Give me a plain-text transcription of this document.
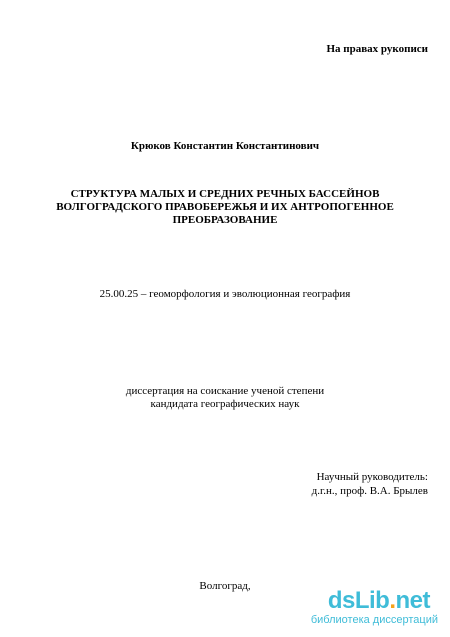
На правах рукописи
Крюков Константин Константинович
СТРУКТУРА МАЛЫХ И СРЕДНИХ РЕЧНЫХ БАССЕЙНОВ
ВОЛГОГРАДСКОГО ПРАВОБЕРЕЖЬЯ И ИХ АНТРОПОГЕННОЕ
ПРЕОБРАЗОВАНИЕ
25.00.25 – геоморфология и эволюционная география
диссертация на соискание ученой степени
кандидата географических наук
Научный руководитель:
д.г.н., проф. В.А. Брылев
Волгоград,
dsLib.net
библиотека диссертаций
